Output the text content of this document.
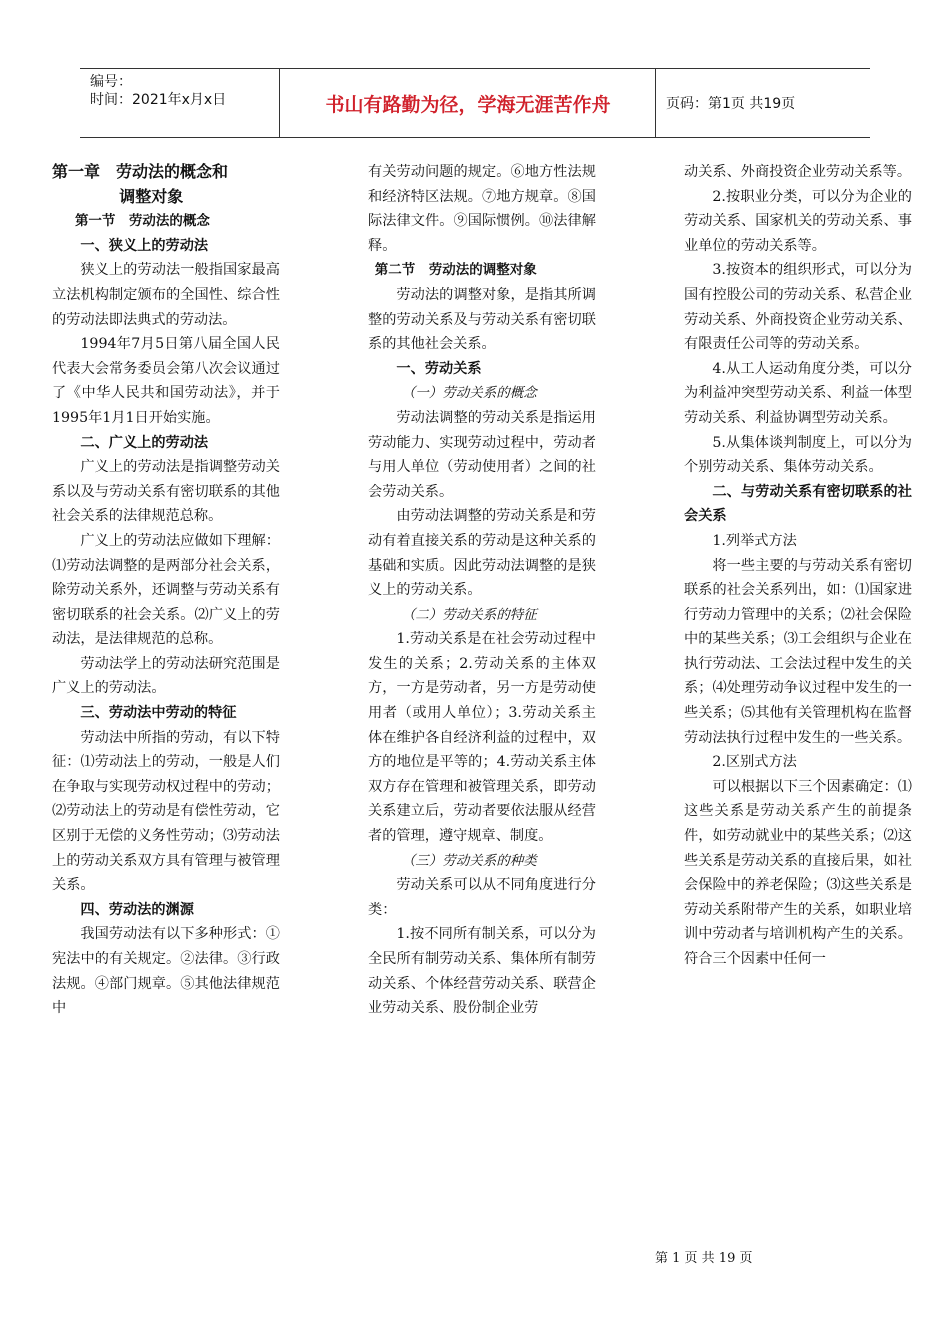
编号：
时间：2021年x月x日	书山有路勤为径，学海无涯苦作舟	页码：第1页 共19页
第一章　劳动法的概念和
调整对象
第一节　劳动法的概念
一、狭义上的劳动法

狭义上的劳动法一般指国家最高立法机构制定颁布的全国性、综合性的劳动法即法典式的劳动法。

1994年7月5日第八届全国人民代表大会常务委员会第八次会议通过了《中华人民共和国劳动法》，并于1995年1月1日开始实施。

二、广义上的劳动法

广义上的劳动法是指调整劳动关系以及与劳动关系有密切联系的其他社会关系的法律规范总称。

广义上的劳动法应做如下理解：⑴劳动法调整的是两部分社会关系，除劳动关系外，还调整与劳动关系有密切联系的社会关系。⑵广义上的劳动法，是法律规范的总称。

劳动法学上的劳动法研究范围是广义上的劳动法。

三、劳动法中劳动的特征

劳动法中所指的劳动，有以下特征：⑴劳动法上的劳动，一般是人们在争取与实现劳动权过程中的劳动；⑵劳动法上的劳动是有偿性劳动，它区别于无偿的义务性劳动；⑶劳动法上的劳动关系双方具有管理与被管理关系。

四、劳动法的渊源

我国劳动法有以下多种形式：①宪法中的有关规定。②法律。③行政法规。④部门规章。⑤其他法律规范中

有关劳动问题的规定。⑥地方性法规和经济特区法规。⑦地方规章。⑧国际法律文件。⑨国际惯例。⑩法律解释。

第二节　劳动法的调整对象

劳动法的调整对象，是指其所调整的劳动关系及与劳动关系有密切联系的其他社会关系。

一、劳动关系
（一）劳动关系的概念

劳动法调整的劳动关系是指运用劳动能力、实现劳动过程中，劳动者与用人单位（劳动使用者）之间的社会劳动关系。

由劳动法调整的劳动关系是和劳动有着直接关系的劳动是这种关系的基础和实质。因此劳动法调整的是狭义上的劳动关系。

（二）劳动关系的特征

1.劳动关系是在社会劳动过程中发生的关系；2.劳动关系的主体双方，一方是劳动者，另一方是劳动使用者（或用人单位）；3.劳动关系主体在维护各自经济利益的过程中，双方的地位是平等的；4.劳动关系主体双方存在管理和被管理关系，即劳动关系建立后，劳动者要依法服从经营者的管理，遵守规章、制度。

（三）劳动关系的种类

劳动关系可以从不同角度进行分类：

1.按不同所有制关系，可以分为全民所有制劳动关系、集体所有制劳动关系、个体经营劳动关系、联营企业劳动关系、股份制企业劳

动关系、外商投资企业劳动关系等。

2.按职业分类，可以分为企业的劳动关系、国家机关的劳动关系、事业单位的劳动关系等。

3.按资本的组织形式，可以分为国有控股公司的劳动关系、私营企业劳动关系、外商投资企业劳动关系、有限责任公司等的劳动关系。

4.从工人运动角度分类，可以分为利益冲突型劳动关系、利益一体型劳动关系、利益协调型劳动关系。

5.从集体谈判制度上，可以分为个别劳动关系、集体劳动关系。

二、与劳动关系有密切联系的社会关系

1.列举式方法

将一些主要的与劳动关系有密切联系的社会关系列出，如：⑴国家进行劳动力管理中的关系；⑵社会保险中的某些关系；⑶工会组织与企业在执行劳动法、工会法过程中发生的关系；⑷处理劳动争议过程中发生的一些关系；⑸其他有关管理机构在监督劳动法执行过程中发生的一些关系。

2.区别式方法

可以根据以下三个因素确定：⑴这些关系是劳动关系产生的前提条件，如劳动就业中的某些关系；⑵这些关系是劳动关系的直接后果，如社会保险中的养老保险；⑶这些关系是劳动关系附带产生的关系，如职业培训中劳动者与培训机构产生的关系。符合三个因素中任何一

第 1 页 共 19 页
